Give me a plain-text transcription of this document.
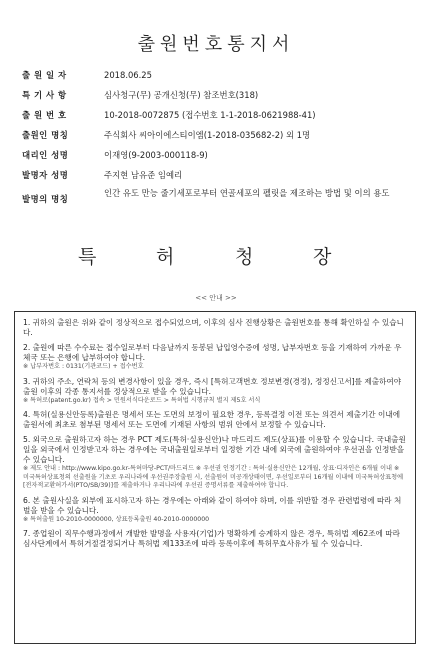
출원번호통지서
출 원 일 자	2018.06.25
특 기 사 항	심사청구(무) 공개신청(무) 참조번호(318)
출 원 번 호	10-2018-0072875 (접수번호 1-1-2018-0621988-41)
출원인 명칭	주식회사 씨아이에스티이엠(1-2018-035682-2) 외 1명
대리인 성명	이재영(9-2003-000118-9)
발명자 성명	주지현 남유준 임예리
발명의 명칭
인간 유도 만능 줄기세포로부터 연골세포의 펠릿을 제조하는 방법 및 이의 용도
특	허	청	장
<< 안내 >>

1. 귀하의 출원은 위와 같이 정상적으로 접수되었으며, 이후의 심사 진행상황은 출원번호를 통해 확인하실 수 있습니다.

2. 출원에 따른 수수료는 접수일로부터 다음날까지 동봉된 납입영수증에 성명, 납부자번호 등을 기재하여 가까운 우체국 또는 은행에 납부하여야 합니다.
※ 납부자번호 : 0131(기관코드) + 접수번호

3. 귀하의 주소, 연락처 등의 변경사항이 있을 경우, 즉시 [특허고객번호 정보변경(경정), 정정신고서]를 제출하여야 출원 이후의 각종 통지서를 정상적으로 받을 수 있습니다.
※ 특허로(patent.go.kr) 접속 > 민원서식다운로드 > 특허법 시행규칙 별지 제5호 서식

4. 특허(실용신안등록)출원은 명세서 또는 도면의 보정이 필요한 경우, 등록결정 이전 또는 의견서 제출기간 이내에 출원서에 최초로 첨부된 명세서 또는 도면에 기재된 사항의 범위 안에서 보정할 수 있습니다.

5. 외국으로 출원하고자 하는 경우 PCT 제도(특허·실용신안)나 마드리드 제도(상표)를 이용할 수 있습니다. 국내출원일을 외국에서 인정받고자 하는 경우에는 국내출원일로부터 일정한 기간 내에 외국에 출원하여야 우선권을 인정받을 수 있습니다.
※ 제도 안내 : http://www.kipo.go.kr-특허마당-PCT/마드리드 ※ 우선권 인정기간 : 특허·실용신안은 12개월, 상표·디자인은 6개월 이내 ※ 미국특허상표청의 선출원을 기초로 우리나라에 우선권주장출원 시, 선출원이 미공개상태이면, 우선일로부터 16개월 이내에 미국특허상표청에 [전자적교환허가서(PTO/SB/39)]를 제출하거나 우리나라에 우선권 증명서류를 제출하여야 합니다.

6. 본 출원사실을 외부에 표시하고자 하는 경우에는 아래와 같이 하여야 하며, 이를 위반할 경우 관련법령에 따라 처벌을 받을 수 있습니다.
※ 특허출원 10-2010-0000000, 상표등록출원 40-2010-0000000

7. 종업원이 직무수행과정에서 개발한 발명을 사용자(기업)가 명확하게 승계하지 않은 경우, 특허법 제62조에 따라 심사단계에서 특허거절결정되거나 특허법 제133조에 따라 등록이후에 특허무효사유가 될 수 있습니다.
